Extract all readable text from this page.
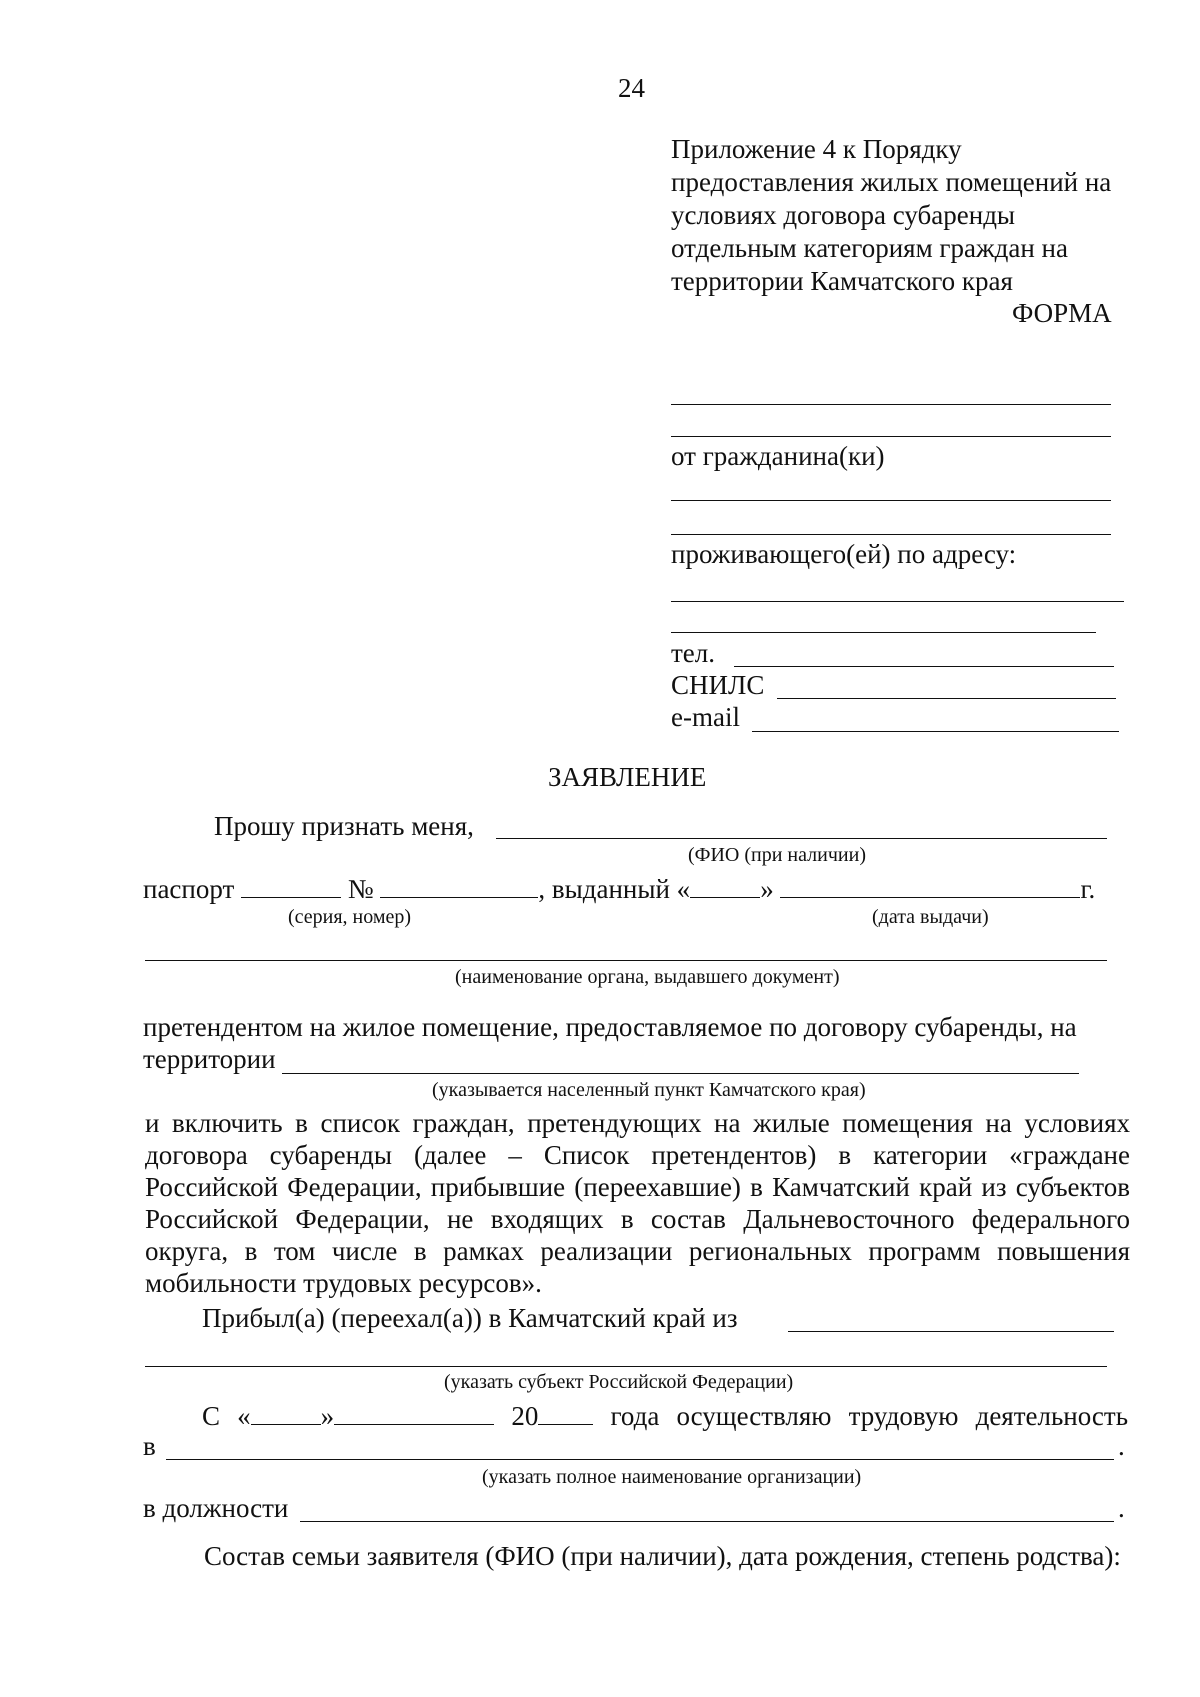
24
Приложение 4 к Порядку
предоставления жилых помещений на
условиях договора субаренды
отдельным категориям граждан на
территории Камчатского края
ФОРМА
от гражданина(ки)
проживающего(ей) по адресу:
тел.
СНИЛС
e-mail
ЗАЯВЛЕНИЕ
Прошу признать меня,
(ФИО (при наличии)
паспорт	№	, выданный «	»	г.
(серия, номер)	(дата выдачи)
(наименование органа, выдавшего документ)
претендентом на жилое помещение, предоставляемое по договору субаренды, на
территории
(указывается населенный пункт Камчатского края)
и включить в список граждан, претендующих на жилые помещения на условиях договора субаренды (далее – Список претендентов) в категории «граждане Российской Федерации, прибывшие (переехавшие) в Камчатский край из субъектов Российской Федерации, не входящих в состав Дальневосточного федерального округа, в том числе в рамках реализации региональных программ повышения мобильности трудовых ресурсов».
Прибыл(а) (переехал(а)) в Камчатский край из
(указать субъект Российской Федерации)
С «	»	20	года осуществляю трудовую деятельность
в	.
(указать полное наименование организации)
в должности	.
Состав семьи заявителя (ФИО (при наличии), дата рождения, степень родства):
